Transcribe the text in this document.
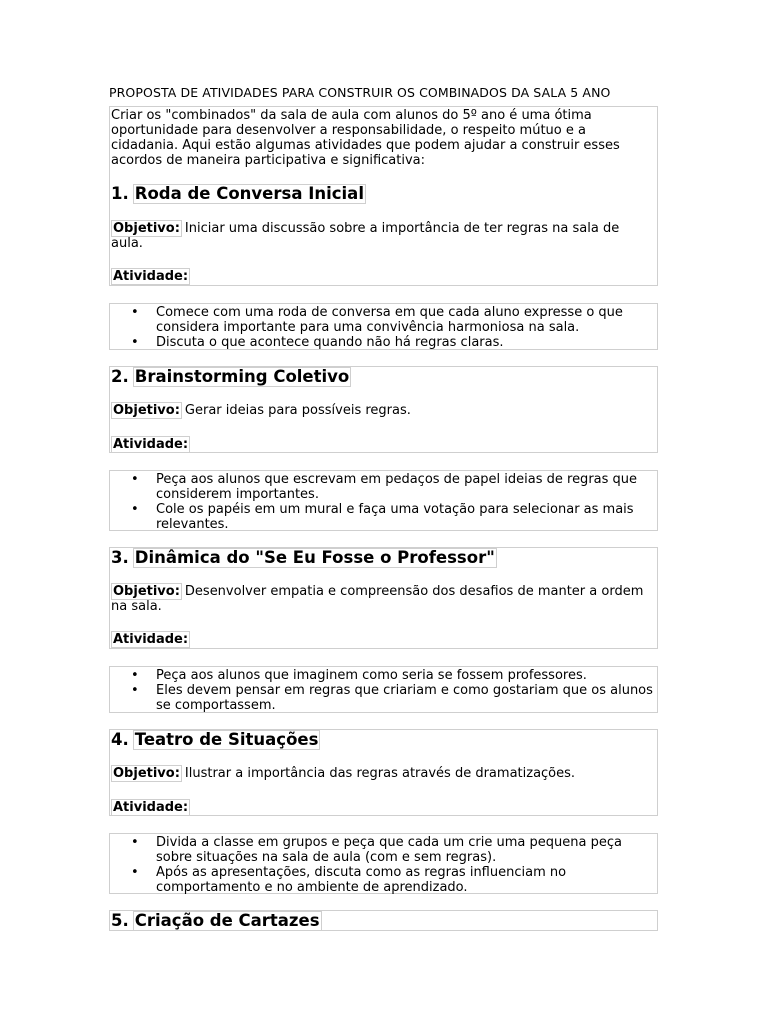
PROPOSTA DE ATIVIDADES PARA CONSTRUIR OS COMBINADOS DA SALA 5 ANO

Criar os "combinados" da sala de aula com alunos do 5º ano é uma ótima oportunidade para desenvolver a responsabilidade, o respeito mútuo e a cidadania. Aqui estão algumas atividades que podem ajudar a construir esses acordos de maneira participativa e significativa:

1. Roda de Conversa Inicial

Objetivo: Iniciar uma discussão sobre a importância de ter regras na sala de aula.

Atividade:

• Comece com uma roda de conversa em que cada aluno expresse o que considera importante para uma convivência harmoniosa na sala.
• Discuta o que acontece quando não há regras claras.
2. Brainstorming Coletivo

Objetivo: Gerar ideias para possíveis regras.

Atividade:

• Peça aos alunos que escrevam em pedaços de papel ideias de regras que considerem importantes.
• Cole os papéis em um mural e faça uma votação para selecionar as mais relevantes.
3. Dinâmica do "Se Eu Fosse o Professor"

Objetivo: Desenvolver empatia e compreensão dos desafios de manter a ordem na sala.

Atividade:

• Peça aos alunos que imaginem como seria se fossem professores.
• Eles devem pensar em regras que criariam e como gostariam que os alunos se comportassem.
4. Teatro de Situações

Objetivo: Ilustrar a importância das regras através de dramatizações.

Atividade:

• Divida a classe em grupos e peça que cada um crie uma pequena peça sobre situações na sala de aula (com e sem regras).
• Após as apresentações, discuta como as regras influenciam no comportamento e no ambiente de aprendizado.
5. Criação de Cartazes
